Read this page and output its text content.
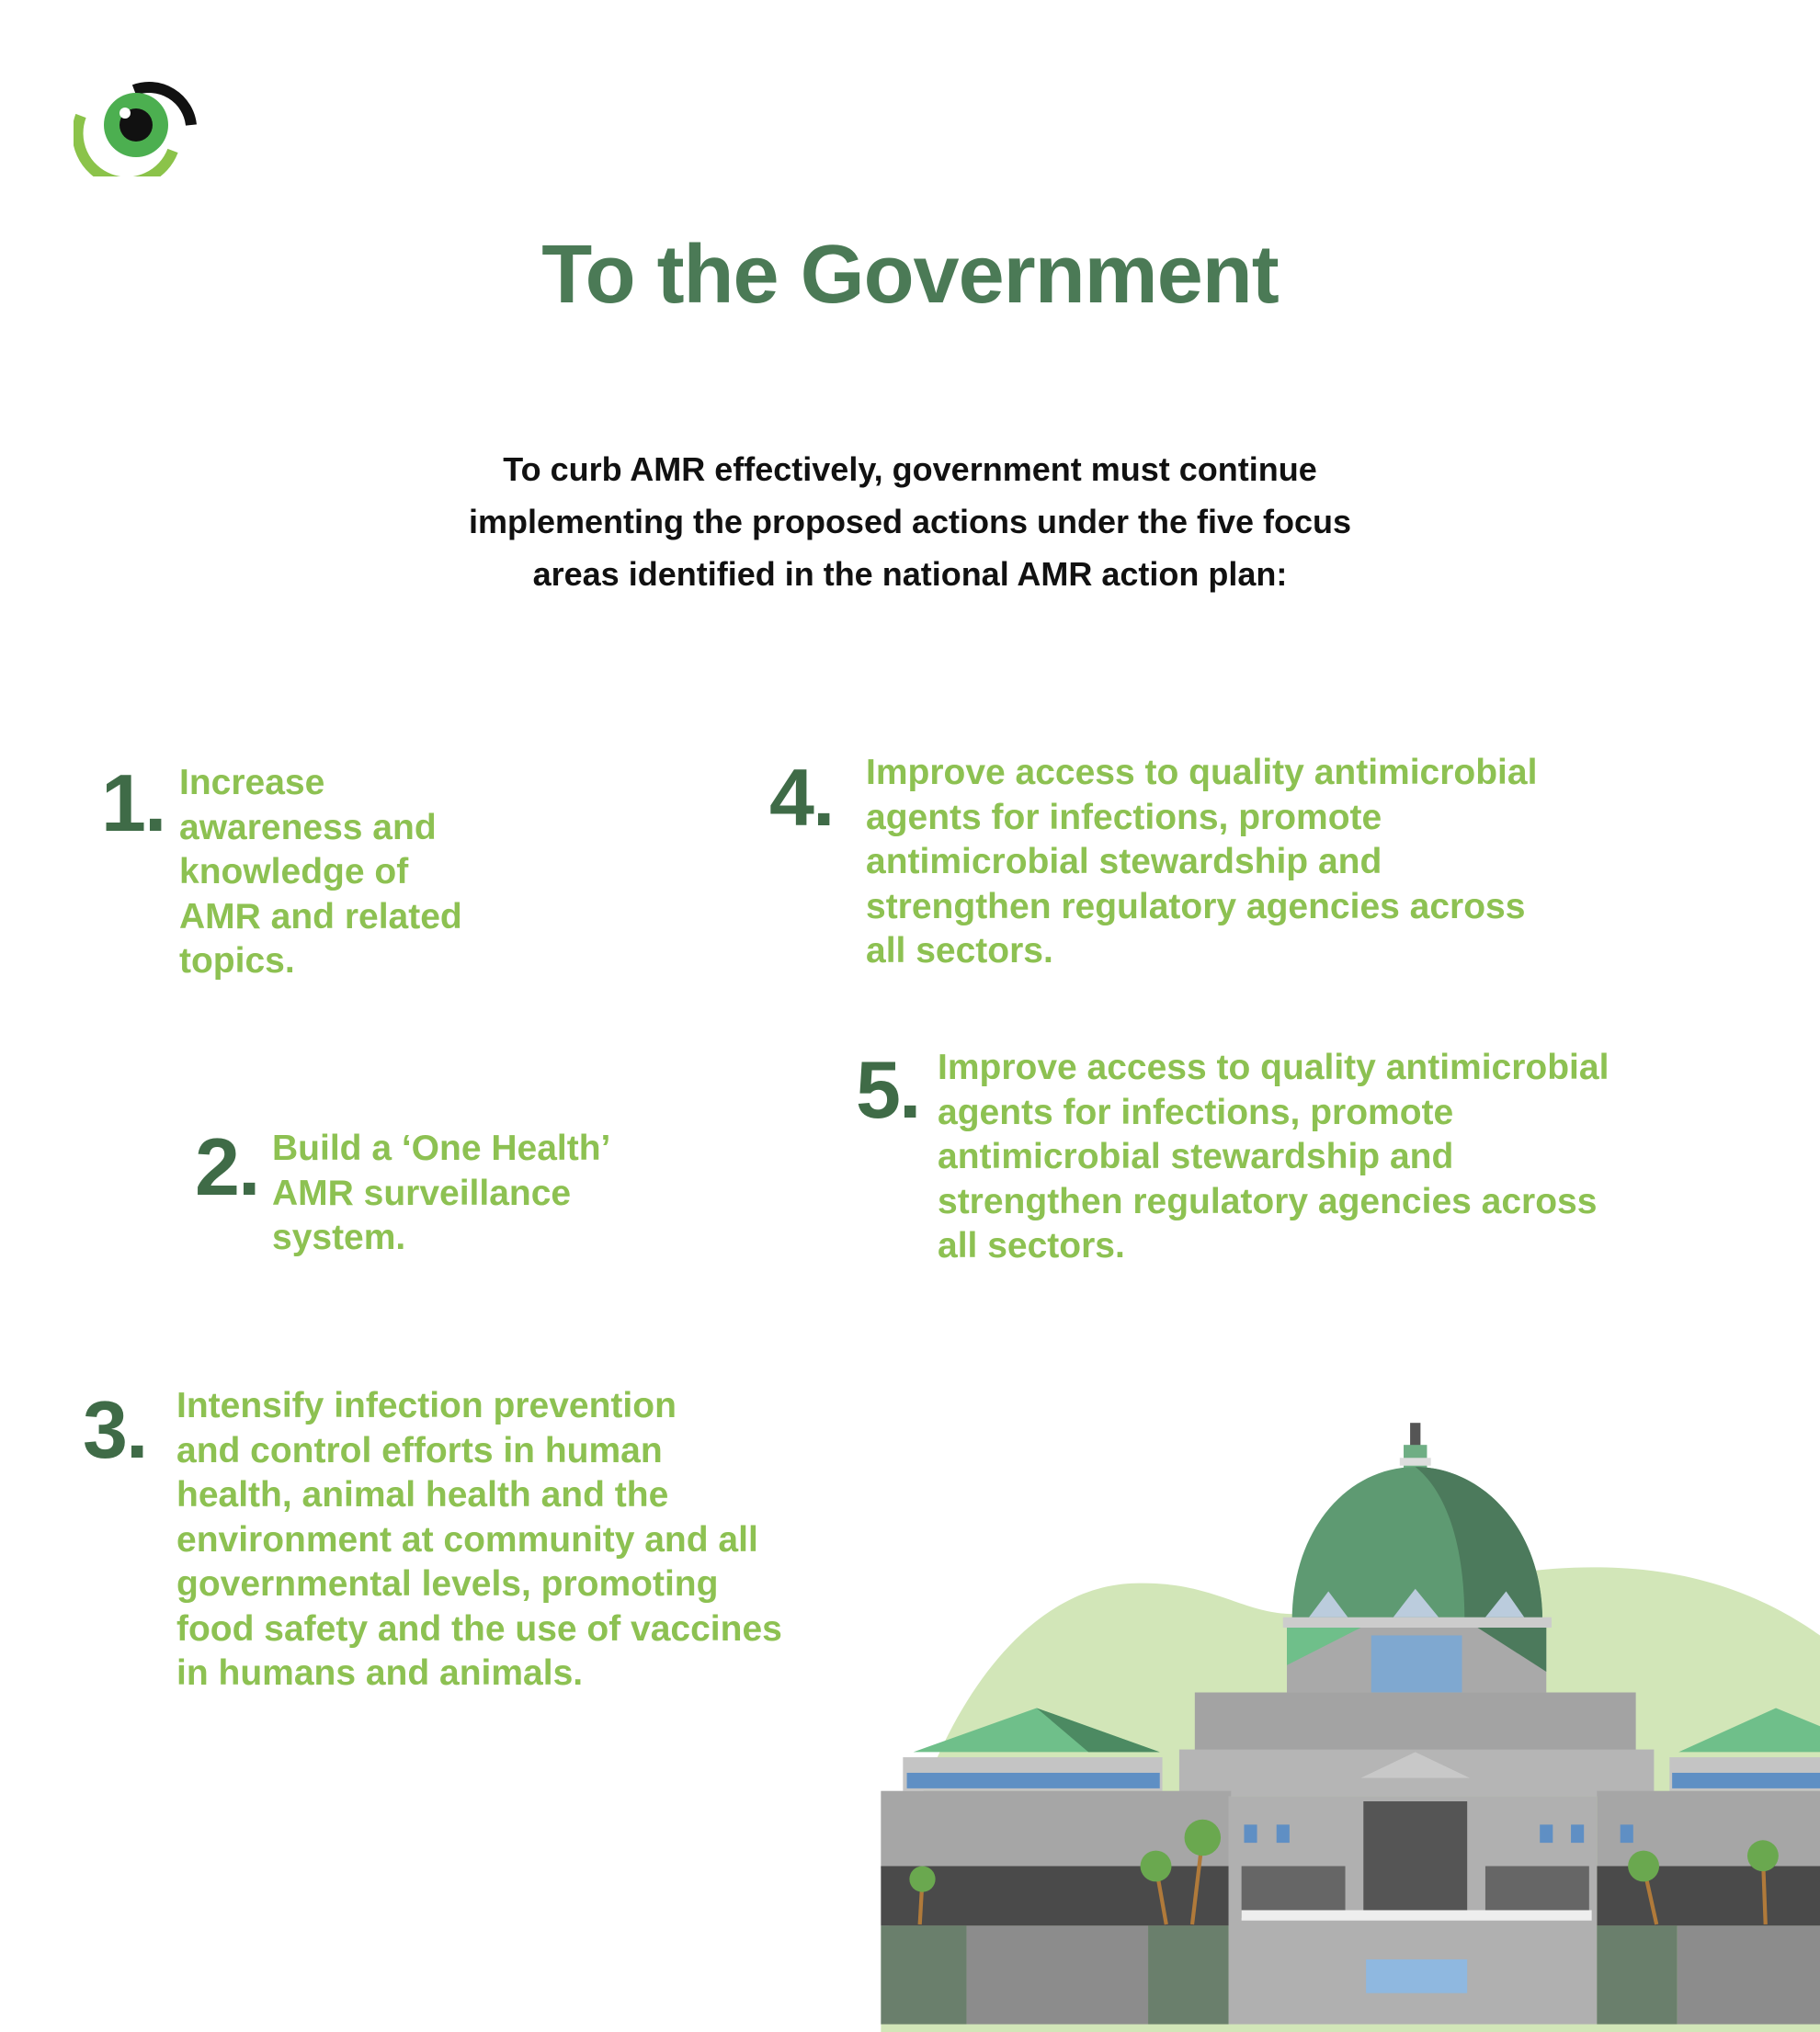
To the Government

To curb AMR effectively, government must continue
implementing the proposed actions under the five focus
areas identified in the national AMR action plan:

1. Increase
awareness and
knowledge of
AMR and related
topics.
2. Build a ‘One Health’
AMR surveillance
system.
3. Intensify infection prevention
and control efforts in human
health, animal health and the
environment at community and all
governmental levels, promoting
food safety and the use of vaccines
in humans and animals.
4. Improve access to quality antimicrobial
agents for infections, promote
antimicrobial stewardship and
strengthen regulatory agencies across
all sectors.
5. Improve access to quality antimicrobial
agents for infections, promote
antimicrobial stewardship and
strengthen regulatory agencies across
all sectors.
